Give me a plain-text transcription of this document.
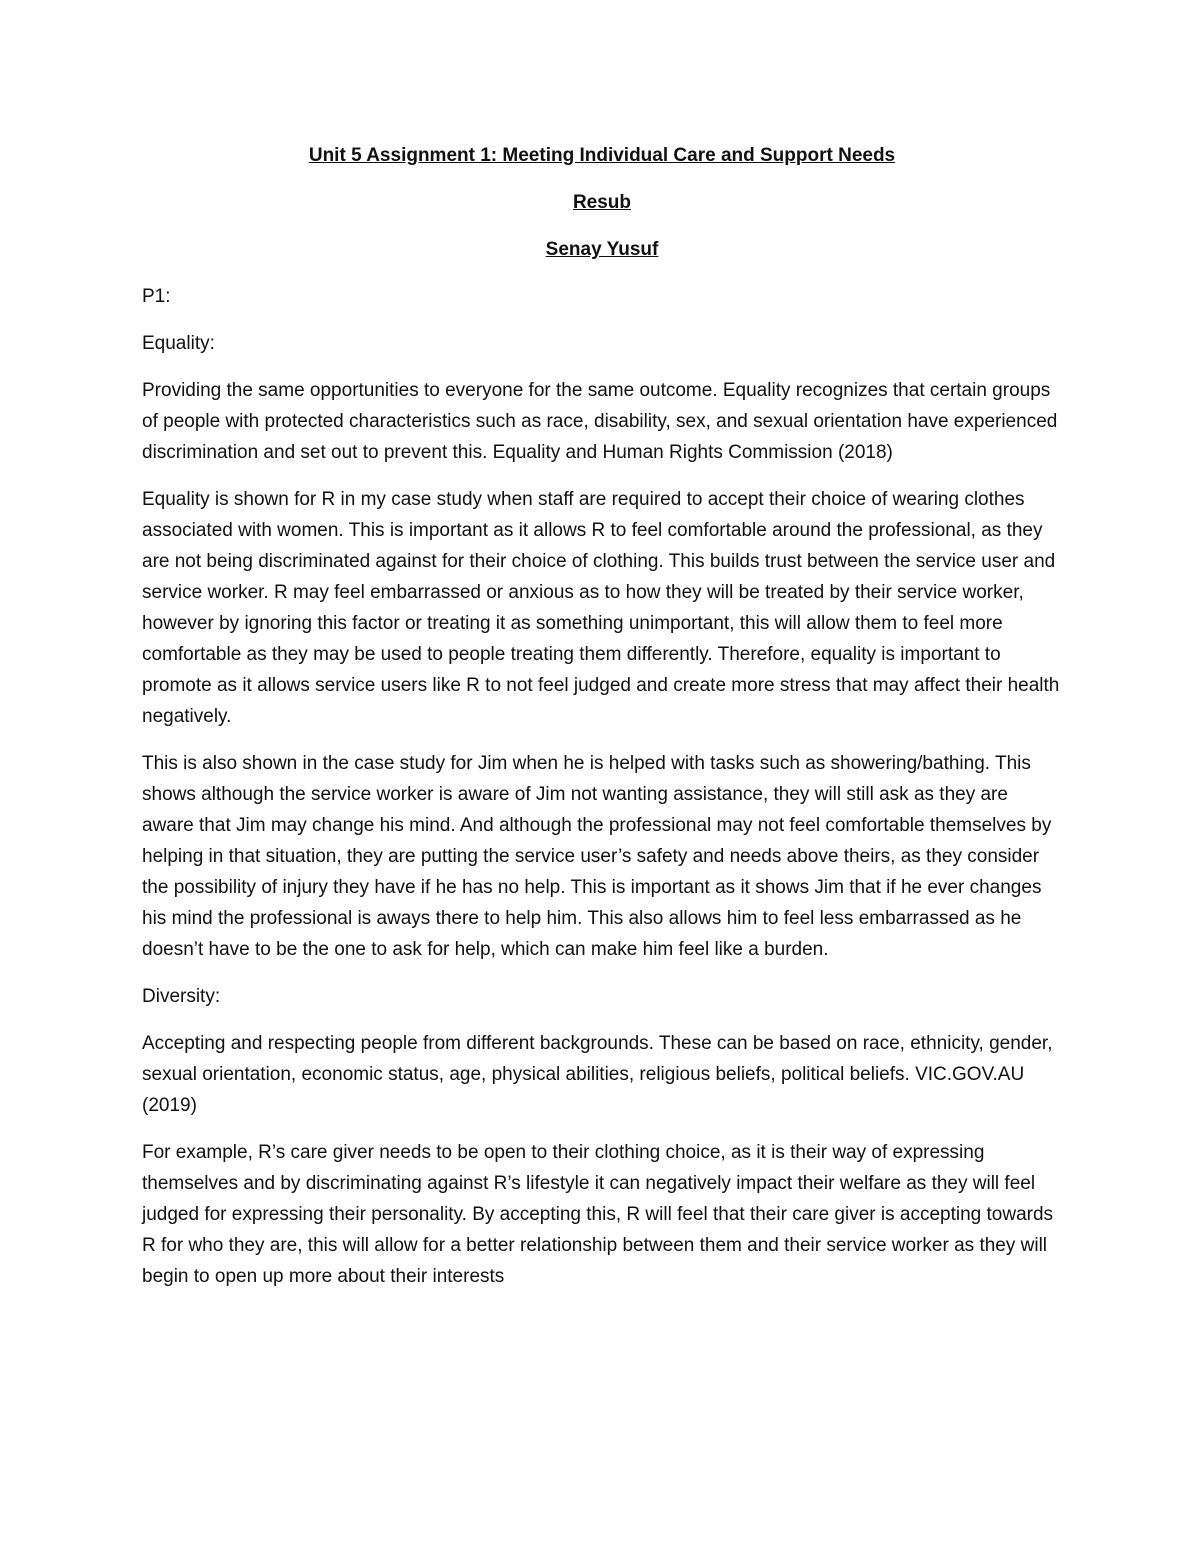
Unit 5 Assignment 1: Meeting Individual Care and Support Needs

Resub

Senay Yusuf

P1:

Equality:

Providing the same opportunities to everyone for the same outcome. Equality recognizes that certain groups of people with protected characteristics such as race, disability, sex, and sexual orientation have experienced discrimination and set out to prevent this. Equality and Human Rights Commission (2018)

Equality is shown for R in my case study when staff are required to accept their choice of wearing clothes associated with women. This is important as it allows R to feel comfortable around the professional, as they are not being discriminated against for their choice of clothing. This builds trust between the service user and service worker. R may feel embarrassed or anxious as to how they will be treated by their service worker, however by ignoring this factor or treating it as something unimportant, this will allow them to feel more comfortable as they may be used to people treating them differently. Therefore, equality is important to promote as it allows service users like R to not feel judged and create more stress that may affect their health negatively.

This is also shown in the case study for Jim when he is helped with tasks such as showering/bathing. This shows although the service worker is aware of Jim not wanting assistance, they will still ask as they are aware that Jim may change his mind. And although the professional may not feel comfortable themselves by helping in that situation, they are putting the service user’s safety and needs above theirs, as they consider the possibility of injury they have if he has no help. This is important as it shows Jim that if he ever changes his mind the professional is aways there to help him. This also allows him to feel less embarrassed as he doesn’t have to be the one to ask for help, which can make him feel like a burden.

Diversity:

Accepting and respecting people from different backgrounds. These can be based on race, ethnicity, gender, sexual orientation, economic status, age, physical abilities, religious beliefs, political beliefs. VIC.GOV.AU (2019)

For example, R’s care giver needs to be open to their clothing choice, as it is their way of expressing themselves and by discriminating against R’s lifestyle it can negatively impact their welfare as they will feel judged for expressing their personality. By accepting this, R will feel that their care giver is accepting towards R for who they are, this will allow for a better relationship between them and their service worker as they will begin to open up more about their interests
